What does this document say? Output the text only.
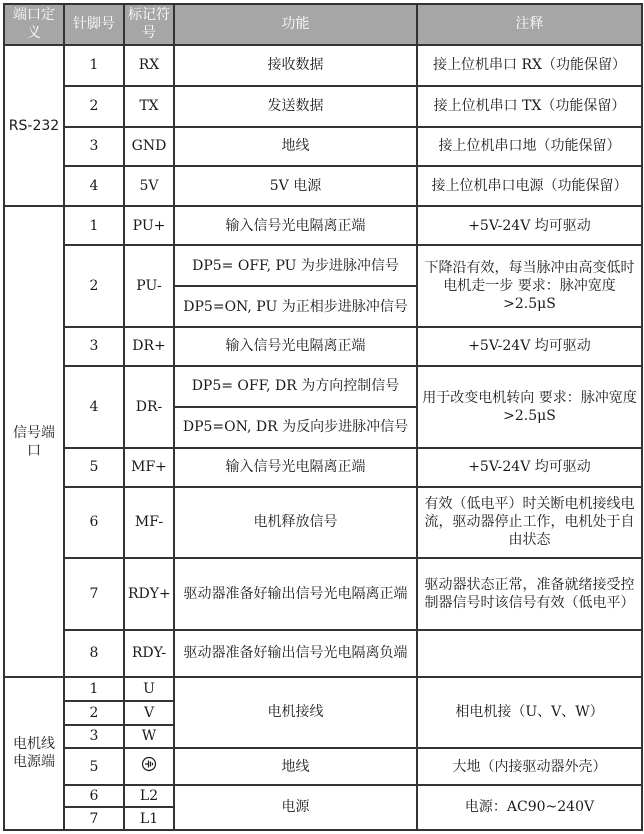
端口定义	针脚号	标记符号	功能	注释
RS-232	1	RX	接收数据	接上位机串口 RX（功能保留）
	2	TX	发送数据	接上位机串口 TX（功能保留）
	3	GND	地线	接上位机串口地（功能保留）
	4	5V	5V 电源	接上位机串口电源（功能保留）
信号端口	1	PU+	输入信号光电隔离正端	+5V-24V 均可驱动
	2	PU-	DP5= OFF, PU 为步进脉冲信号	下降沿有效，每当脉冲由高变低时电机走一步 要求：脉冲宽度 >2.5μS
			DP5=ON, PU 为正相步进脉冲信号	
	3	DR+	输入信号光电隔离正端	+5V-24V 均可驱动
	4	DR-	DP5= OFF, DR 为方向控制信号	用于改变电机转向 要求：脉冲宽度 >2.5μS
			DP5=ON, DR 为反向步进脉冲信号	
	5	MF+	输入信号光电隔离正端	+5V-24V 均可驱动
	6	MF-	电机释放信号	有效（低电平）时关断电机接线电流，驱动器停止工作，电机处于自由状态
	7	RDY+	驱动器准备好输出信号光电隔离正端	驱动器状态正常，准备就绪接受控制器信号时该信号有效（低电平）
	8	RDY-	驱动器准备好输出信号光电隔离负端	
电机线电源端	1	U	电机接线	相电机接（U、V、W）
	2	V		
	3	W		
	5		地线	大地（内接驱动器外壳）
	6	L2	电源	电源：AC90~240V
	7	L1		
